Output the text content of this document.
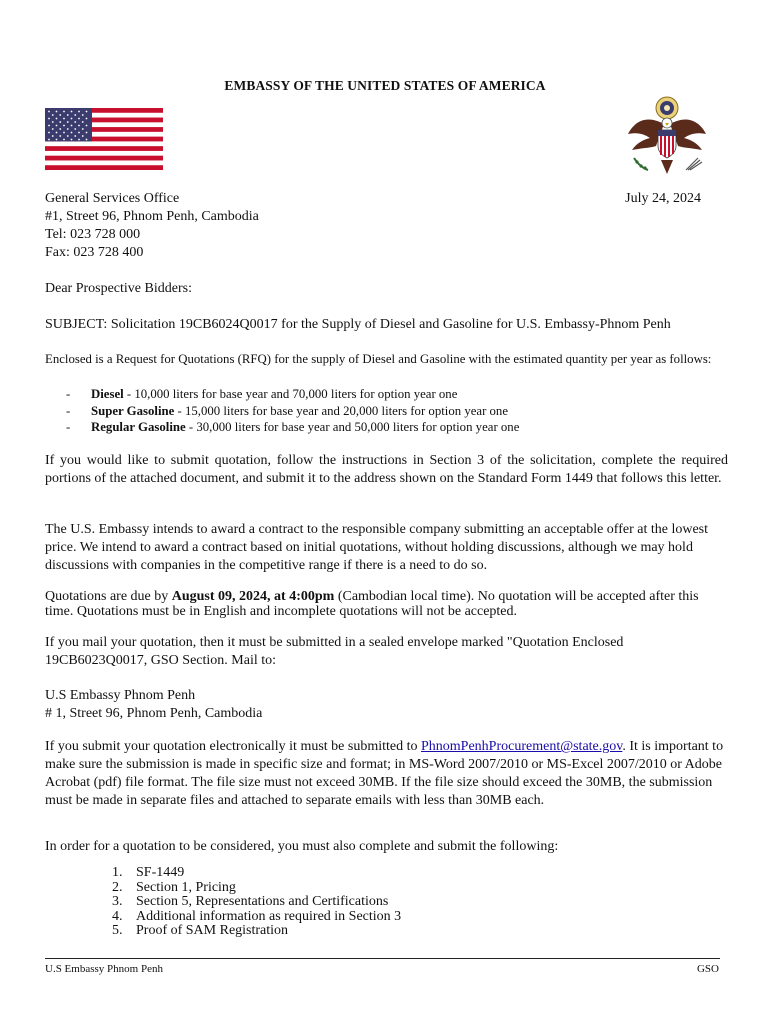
EMBASSY OF THE UNITED STATES OF AMERICA
General Services Office
#1, Street 96, Phnom Penh, Cambodia
Tel: 023 728 000
Fax: 023 728 400
July 24, 2024
Dear Prospective Bidders:
SUBJECT: Solicitation 19CB6024Q0017 for the Supply of Diesel and Gasoline for U.S. Embassy-Phnom Penh
Enclosed is a Request for Quotations (RFQ) for the supply of Diesel and Gasoline with the estimated quantity per year as follows:
- Diesel - 10,000 liters for base year and 70,000 liters for option year one
- Super Gasoline - 15,000 liters for base year and 20,000 liters for option year one
- Regular Gasoline - 30,000 liters for base year and 50,000 liters for option year one
If you would like to submit quotation, follow the instructions in Section 3 of the solicitation, complete the required portions of the attached document, and submit it to the address shown on the Standard Form 1449 that follows this letter.
The U.S. Embassy intends to award a contract to the responsible company submitting an acceptable offer at the lowest price. We intend to award a contract based on initial quotations, without holding discussions, although we may hold discussions with companies in the competitive range if there is a need to do so.
Quotations are due by August 09, 2024, at 4:00pm (Cambodian local time). No quotation will be accepted after this time. Quotations must be in English and incomplete quotations will not be accepted.
If you mail your quotation, then it must be submitted in a sealed envelope marked "Quotation Enclosed 19CB6023Q0017, GSO Section. Mail to:
U.S Embassy Phnom Penh
# 1, Street 96, Phnom Penh, Cambodia
If you submit your quotation electronically it must be submitted to PhnomPenhProcurement@state.gov. It is important to make sure the submission is made in specific size and format; in MS-Word 2007/2010 or MS-Excel 2007/2010 or Adobe Acrobat (pdf) file format. The file size must not exceed 30MB. If the file size should exceed the 30MB, the submission must be made in separate files and attached to separate emails with less than 30MB each.
In order for a quotation to be considered, you must also complete and submit the following:
1. SF-1449
2. Section 1, Pricing
3. Section 5, Representations and Certifications
4. Additional information as required in Section 3
5. Proof of SAM Registration
U.S Embassy Phnom Penh	GSO
